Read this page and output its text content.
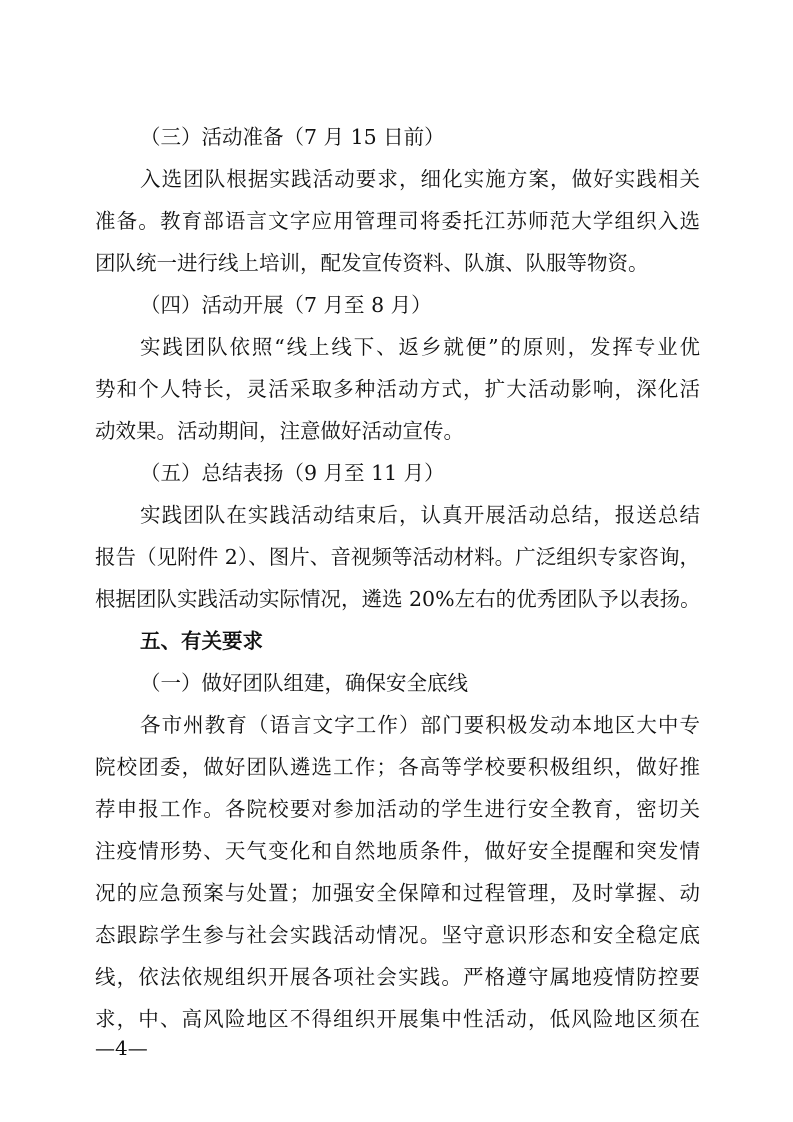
（三）活动准备（7 月 15 日前）
入选团队根据实践活动要求，细化实施方案，做好实践相关
准备。教育部语言文字应用管理司将委托江苏师范大学组织入选
团队统一进行线上培训，配发宣传资料、队旗、队服等物资。
（四）活动开展（7 月至 8 月）
实践团队依照“线上线下、返乡就便”的原则，发挥专业优
势和个人特长，灵活采取多种活动方式，扩大活动影响，深化活
动效果。活动期间，注意做好活动宣传。
（五）总结表扬（9 月至 11 月）
实践团队在实践活动结束后，认真开展活动总结，报送总结
报告（见附件 2）、图片、音视频等活动材料。广泛组织专家咨询，
根据团队实践活动实际情况，遴选 20%左右的优秀团队予以表扬。
五、有关要求
（一）做好团队组建，确保安全底线
各市州教育（语言文字工作）部门要积极发动本地区大中专
院校团委，做好团队遴选工作；各高等学校要积极组织，做好推
荐申报工作。各院校要对参加活动的学生进行安全教育，密切关
注疫情形势、天气变化和自然地质条件，做好安全提醒和突发情
况的应急预案与处置；加强安全保障和过程管理，及时掌握、动
态跟踪学生参与社会实践活动情况。坚守意识形态和安全稳定底
线，依法依规组织开展各项社会实践。严格遵守属地疫情防控要
求，中、高风险地区不得组织开展集中性活动，低风险地区须在
—4—
